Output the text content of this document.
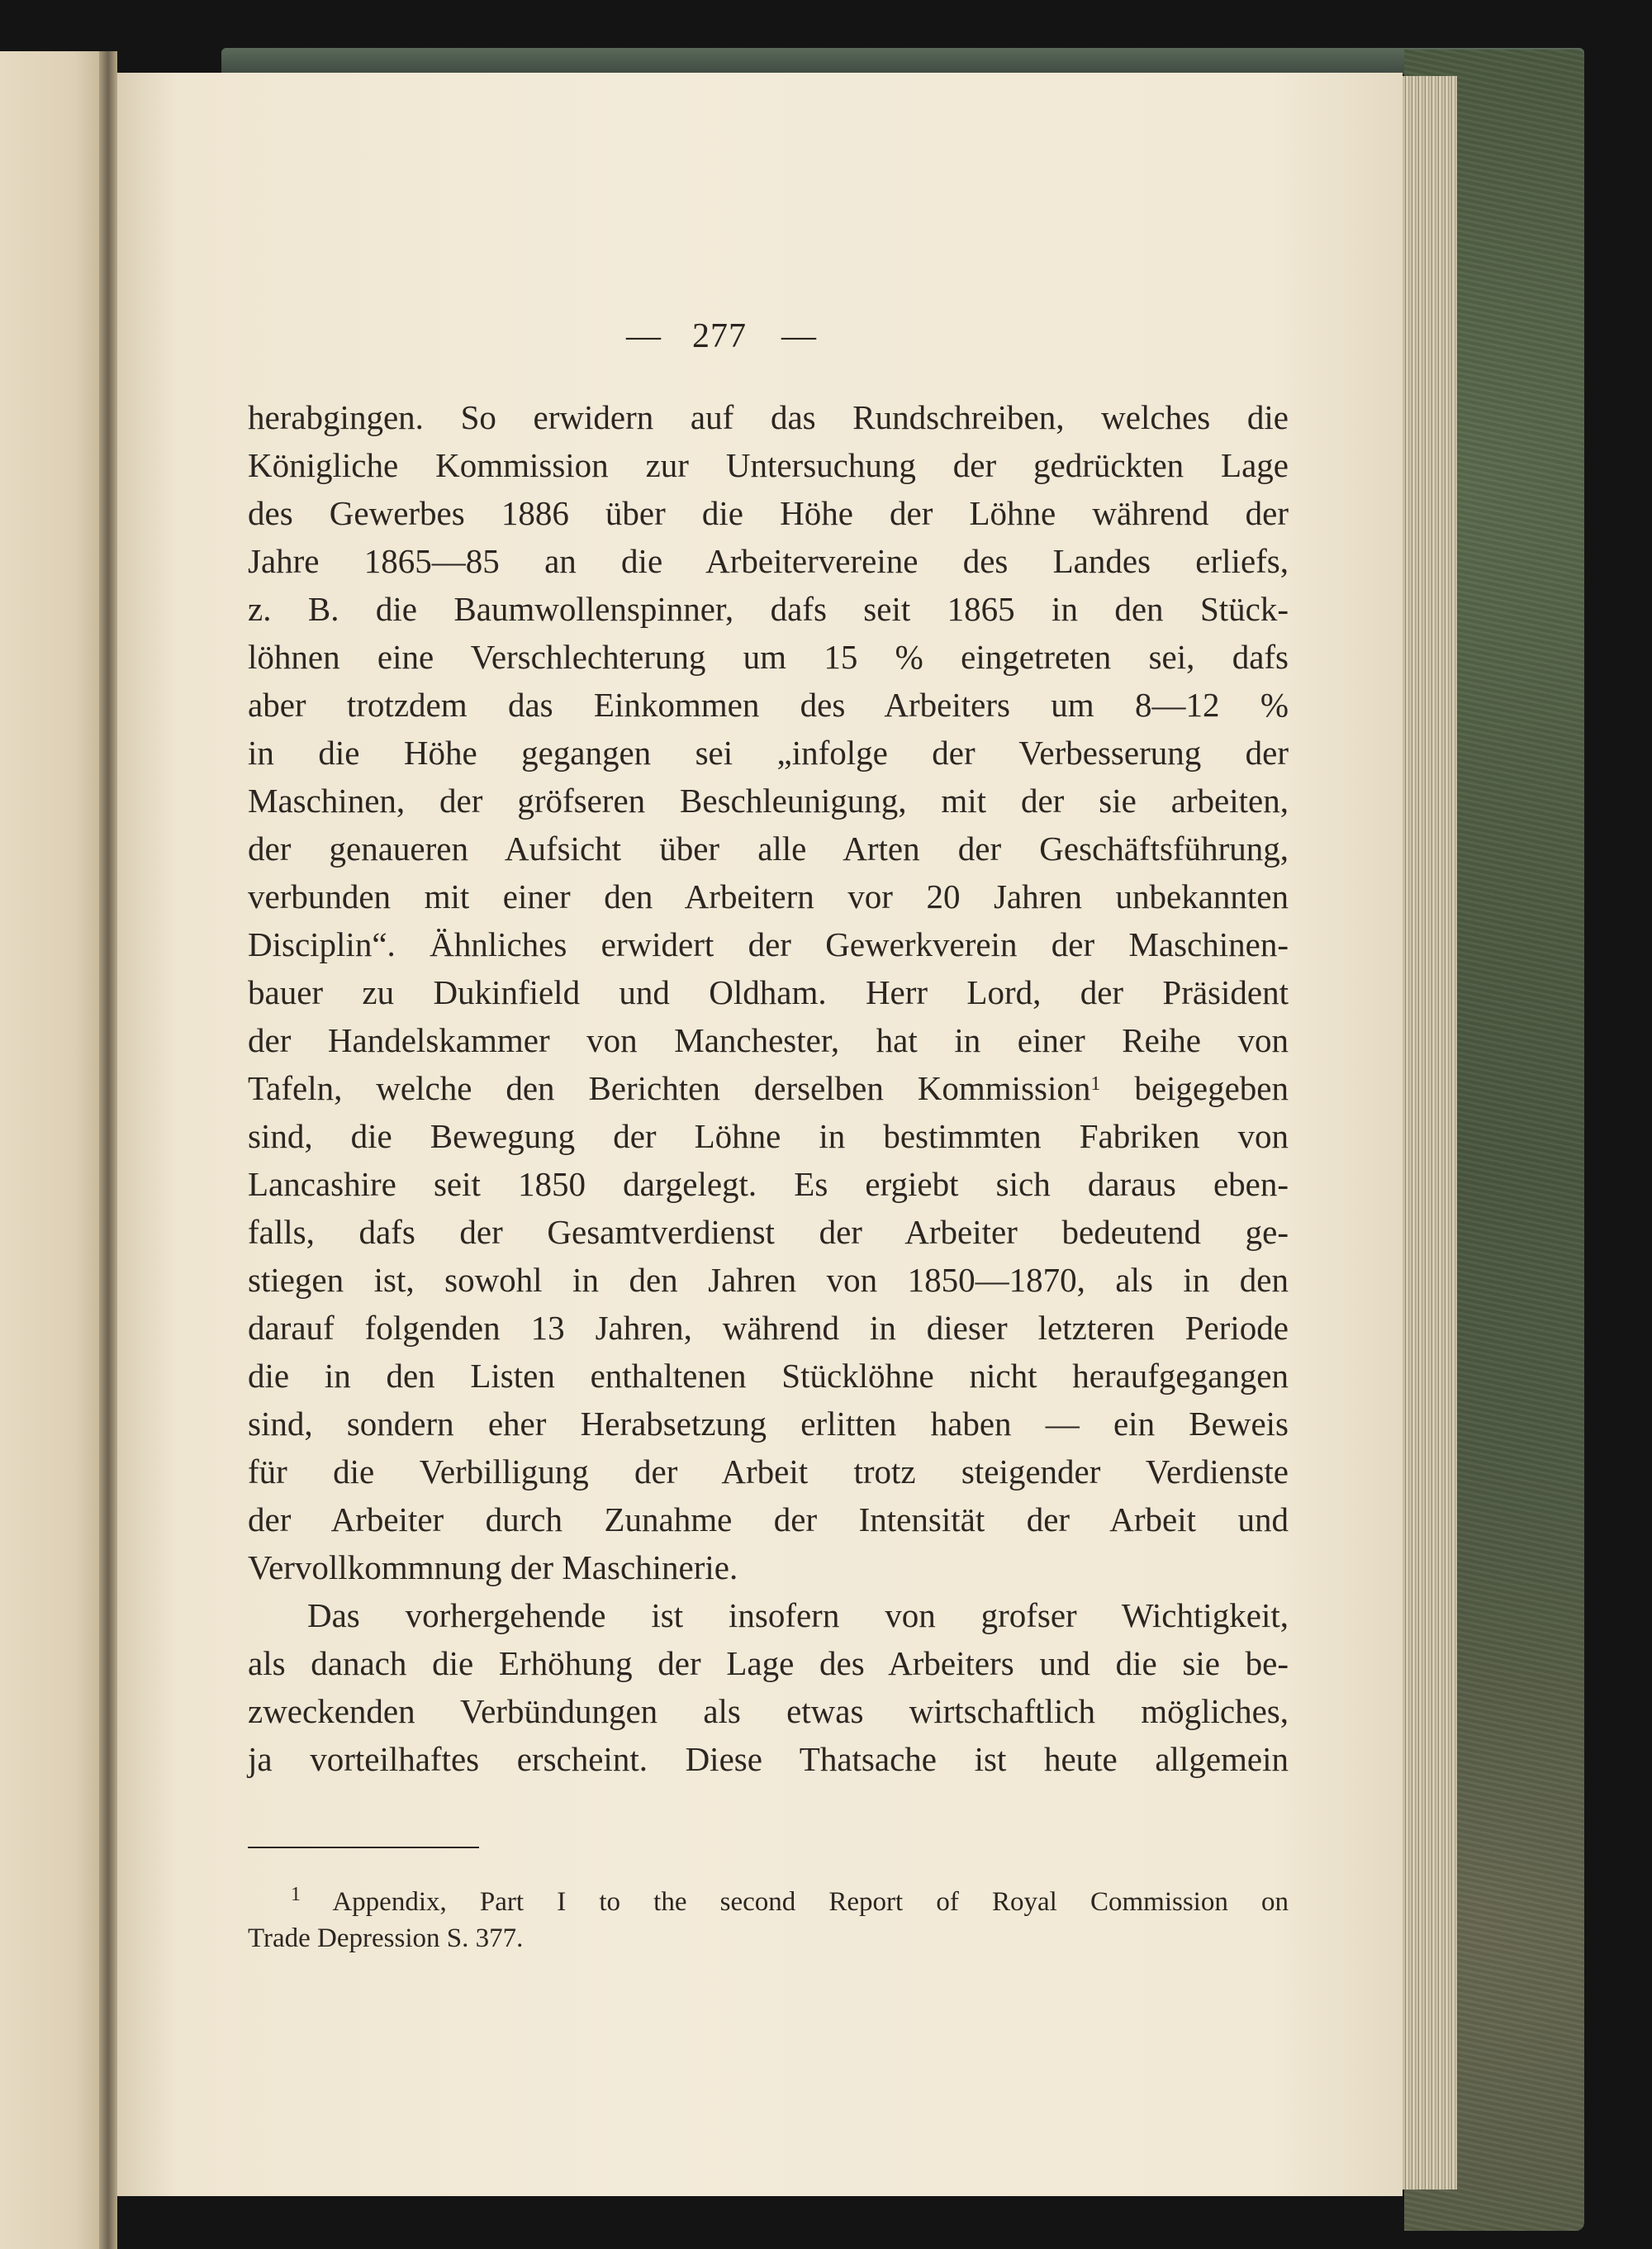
— 277 —
herabgingen. So erwidern auf das Rundschreiben, welches die
Königliche Kommission zur Untersuchung der gedrückten Lage
des Gewerbes 1886 über die Höhe der Löhne während der
Jahre 1865—85 an die Arbeitervereine des Landes erliefs,
z. B. die Baumwollenspinner, dafs seit 1865 in den Stück-
löhnen eine Verschlechterung um 15 % eingetreten sei, dafs
aber trotzdem das Einkommen des Arbeiters um 8—12 %
in die Höhe gegangen sei „infolge der Verbesserung der
Maschinen, der gröfseren Beschleunigung, mit der sie arbeiten,
der genaueren Aufsicht über alle Arten der Geschäftsführung,
verbunden mit einer den Arbeitern vor 20 Jahren unbekannten
Disciplin“. Ähnliches erwidert der Gewerkverein der Maschinen-
bauer zu Dukinfield und Oldham. Herr Lord, der Präsident
der Handelskammer von Manchester, hat in einer Reihe von
Tafeln, welche den Berichten derselben Kommission$^1$ beigegeben
sind, die Bewegung der Löhne in bestimmten Fabriken von
Lancashire seit 1850 dargelegt. Es ergiebt sich daraus eben-
falls, dafs der Gesamtverdienst der Arbeiter bedeutend ge-
stiegen ist, sowohl in den Jahren von 1850—1870, als in den
darauf folgenden 13 Jahren, während in dieser letzteren Periode
die in den Listen enthaltenen Stücklöhne nicht heraufgegangen
sind, sondern eher Herabsetzung erlitten haben — ein Beweis
für die Verbilligung der Arbeit trotz steigender Verdienste
der Arbeiter durch Zunahme der Intensität der Arbeit und
Vervollkommnung der Maschinerie.
Das vorhergehende ist insofern von grofser Wichtigkeit,
als danach die Erhöhung der Lage des Arbeiters und die sie be-
zweckenden Verbündungen als etwas wirtschaftlich mögliches,
ja vorteilhaftes erscheint. Diese Thatsache ist heute allgemein
$^1$ Appendix, Part I to the second Report of Royal Commission on
Trade Depression S. 377.
